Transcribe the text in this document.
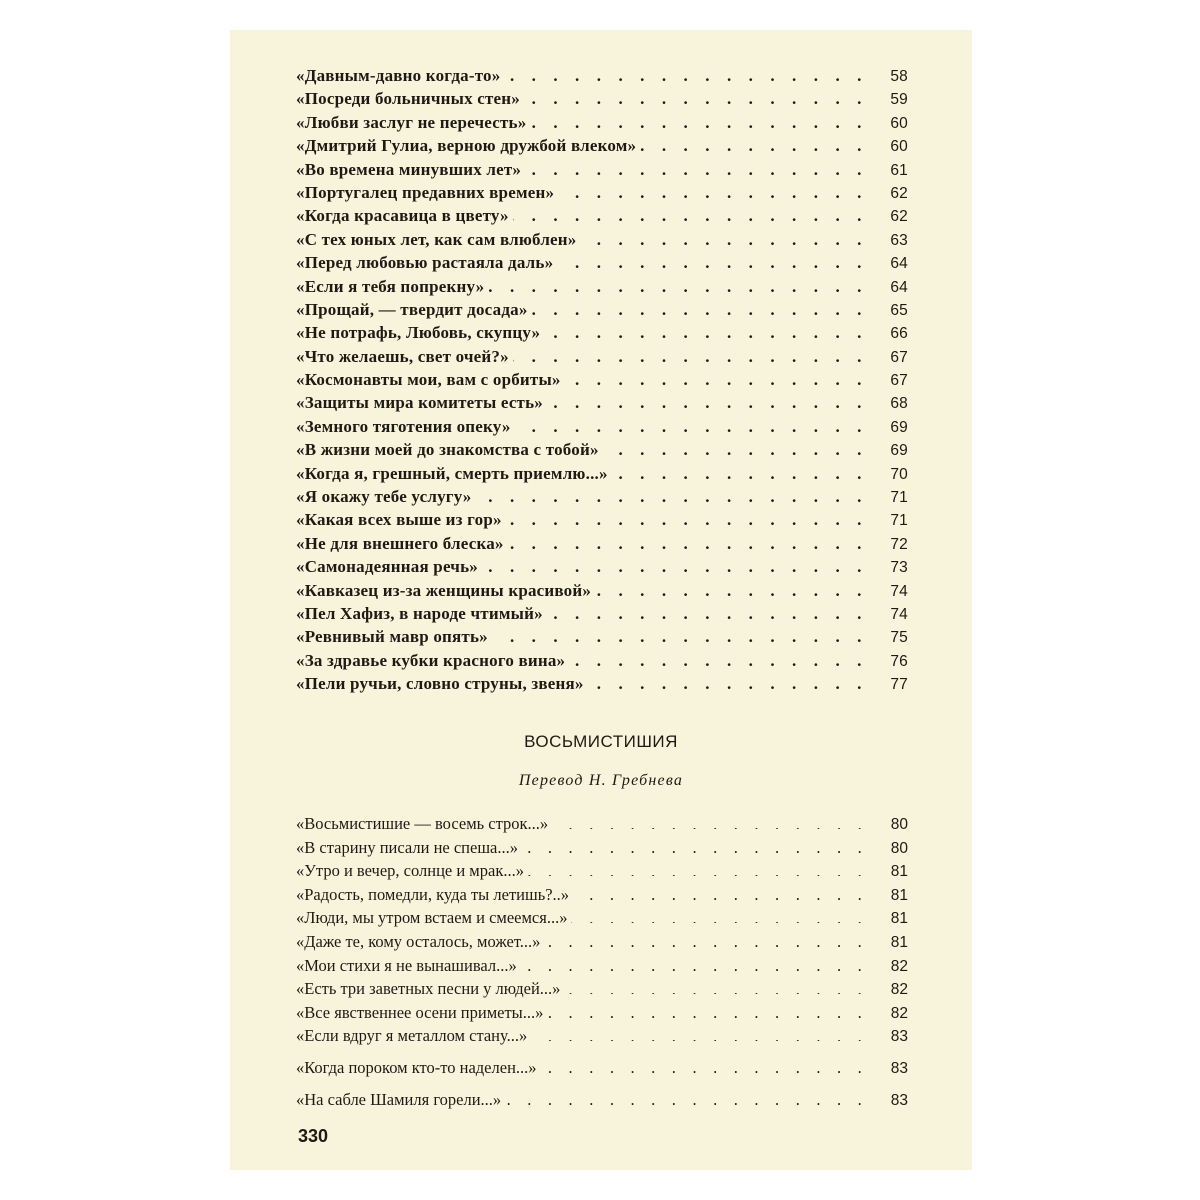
«Давным-давно когда-то» . . .	58
«Посреди больничных стен» . . .	59
«Любви заслуг не перечесть» . . .	60
«Дмитрий Гулиа, верною дружбой влеком» . . .	60
«Во времена минувших лет» . . .	61
«Португалец предавних времен» . . .	62
«Когда красавица в цвету» . . .	62
«С тех юных лет, как сам влюблен» . . .	63
«Перед любовью растаяла даль» . . .	64
«Если я тебя попрекну» . . .	64
«Прощай, — твердит досада» . . .	65
«Не потрафь, Любовь, скупцу» . . .	66
«Что желаешь, свет очей?» . . .	67
«Космонавты мои, вам с орбиты» . . .	67
«Защиты мира комитеты есть» . . .	68
«Земного тяготения опеку» . . .	69
«В жизни моей до знакомства с тобой» . . .	69
«Когда я, грешный, смерть приемлю...» . . .	70
«Я окажу тебе услугу» . . .	71
«Какая всех выше из гор» . . .	71
«Не для внешнего блеска» . . .	72
«Самонадеянная речь» . . .	73
«Кавказец из-за женщины красивой» . . .	74
«Пел Хафиз, в народе чтимый» . . .	74
«Ревнивый мавр опять» . . .	75
«За здравье кубки красного вина» . . .	76
«Пели ручьи, словно струны, звеня» . . .	77
ВОСЬМИСТИШИЯ
Перевод Н. Гребнева
«Восьмистишие — восемь строк...» . . .	80
«В старину писали не спеша...» . . .	80
«Утро и вечер, солнце и мрак...» . . .	81
«Радость, помедли, куда ты летишь?..» . . .	81
«Люди, мы утром встаем и смеемся...» . . .	81
«Даже те, кому осталось, может...» . . .	81
«Мои стихи я не вынашивал...» . . .	82
«Есть три заветных песни у людей...» . . .	82
«Все явственнее осени приметы...» . . .	82
«Если вдруг я металлом стану...» . . .	83
«Когда пороком кто-то наделен...» . . .	83
«На сабле Шамиля горели...» . . .	83
330
